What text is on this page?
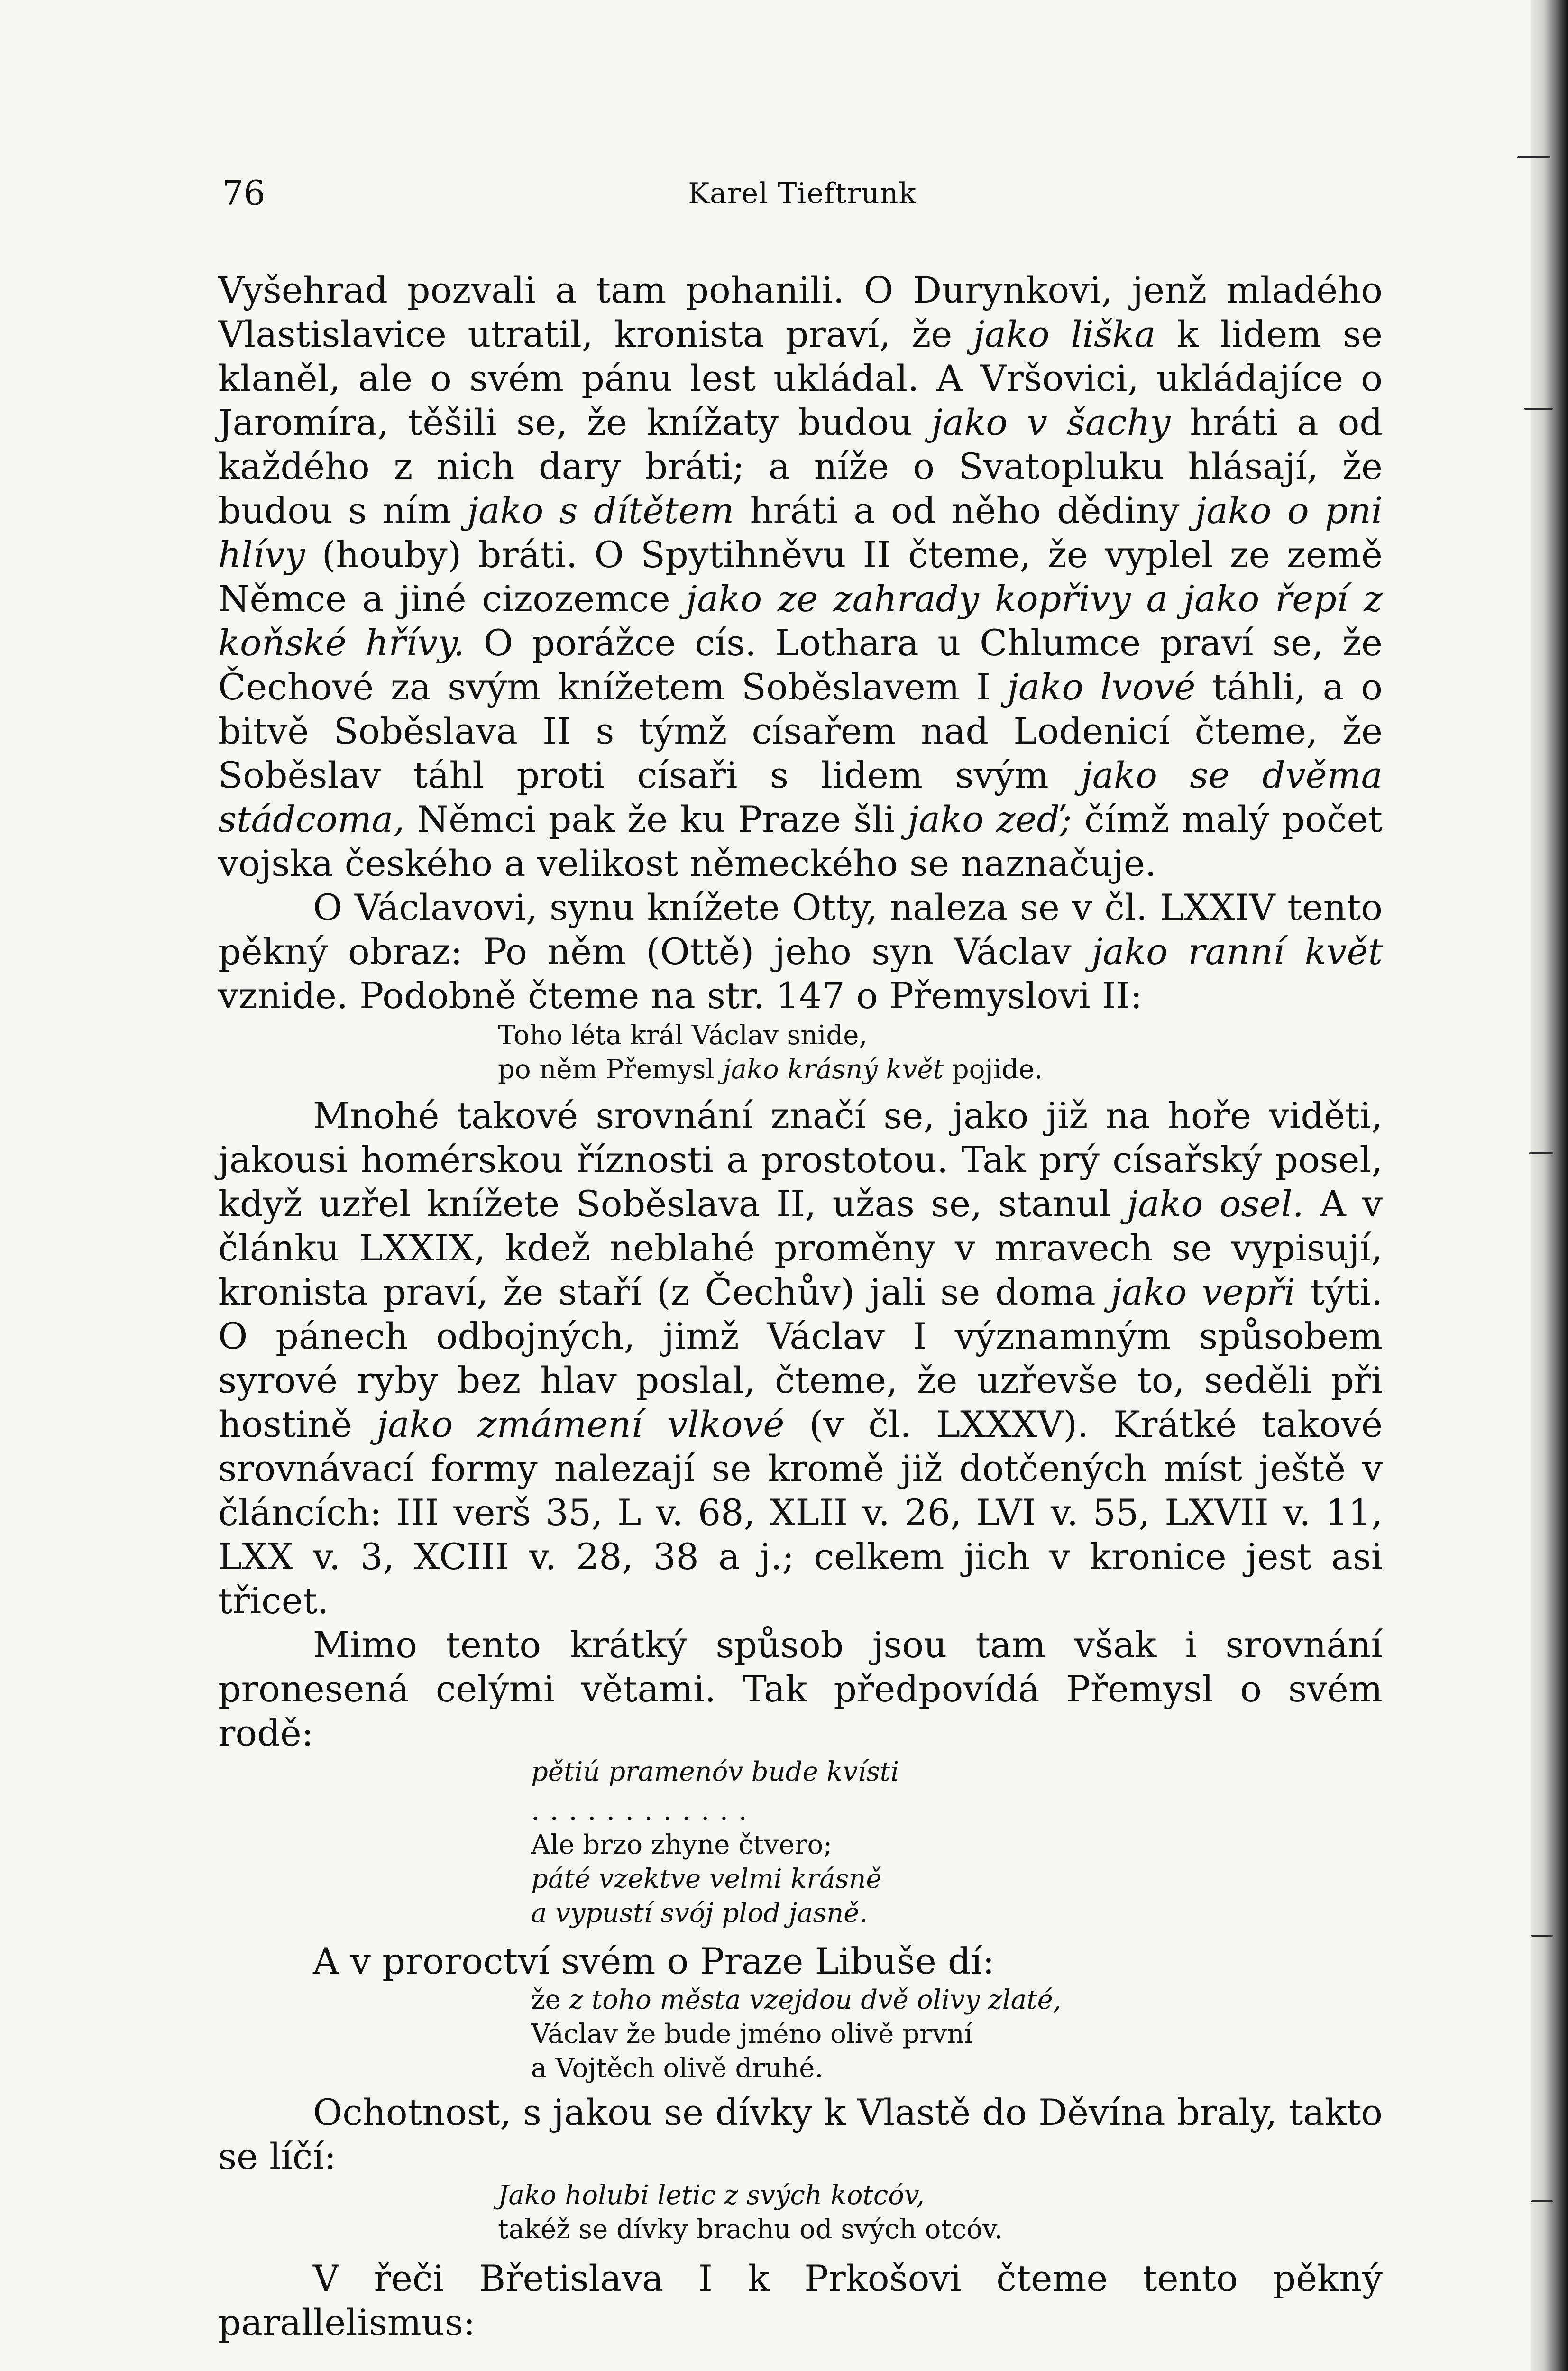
76	Karel Tieftrunk

Vyšehrad pozvali a tam pohanili. O Durynkovi, jenž mladého Vlastislavice utratil, kronista praví, že jako liška k lidem se klaněl, ale o svém pánu lest ukládal. A Vršovici, ukládajíce o Jaromíra, těšili se, že knížaty budou jako v šachy hráti a od každého z nich dary bráti; a níže o Svatopluku hlásají, že budou s ním jako s dítětem hráti a od něho dědiny jako o pni hlívy (houby) bráti. O Spytihněvu II čteme, že vyplel ze země Němce a jiné cizozemce jako ze zahrady kopřivy a jako řepí z koňské hřívy. O porážce cís. Lothara u Chlumce praví se, že Čechové za svým knížetem Soběslavem I jako lvové táhli, a o bitvě Soběslava II s týmž císařem nad Lodenicí čteme, že Soběslav táhl proti císaři s lidem svým jako se dvěma stádcoma, Němci pak že ku Praze šli jako zeď; čímž malý počet vojska českého a velikost německého se naznačuje.

O Václavovi, synu knížete Otty, naleza se v čl. LXXIV tento pěkný obraz: Po něm (Ottě) jeho syn Václav jako ranní květ vznide. Podobně čteme na str. 147 o Přemyslovi II:

Toho léta král Václav snide,
po něm Přemysl jako krásný květ pojide.

Mnohé takové srovnání značí se, jako již na hoře viděti, jakousi homérskou říznosti a prostotou. Tak prý císařský posel, když uzřel knížete Soběslava II, užas se, stanul jako osel. A v článku LXXIX, kdež neblahé proměny v mravech se vypisují, kronista praví, že staří (z Čechův) jali se doma jako vepři týti. O pánech odbojných, jimž Václav I významným spůsobem syrové ryby bez hlav poslal, čteme, že uzřevše to, seděli při hostině jako zmámení vlkové (v čl. LXXXV). Krátké takové srovnávací formy nalezají se kromě již dotčených míst ještě v článcích: III verš 35, L v. 68, XLII v. 26, LVI v. 55, LXVII v. 11, LXX v. 3, XCIII v. 28, 38 a j.; celkem jich v kronice jest asi třicet.

Mimo tento krátký spůsob jsou tam však i srovnání pronesená celými větami. Tak předpovídá Přemysl o svém rodě:

pětiú pramenóv bude kvísti
............
Ale brzo zhyne čtvero;
páté vzektve velmi krásně
a vypustí svój plod jasně.

A v proroctví svém o Praze Libuše dí:

že z toho města vzejdou dvě olivy zlaté,
Václav že bude jméno olivě první
a Vojtěch olivě druhé.

Ochotnost, s jakou se dívky k Vlastě do Děvína braly, takto se líčí:

Jako holubi letic z svých kotcóv,
takéž se dívky brachu od svých otcóv.

V řeči Břetislava I k Prkošovi čteme tento pěkný parallelismus:
